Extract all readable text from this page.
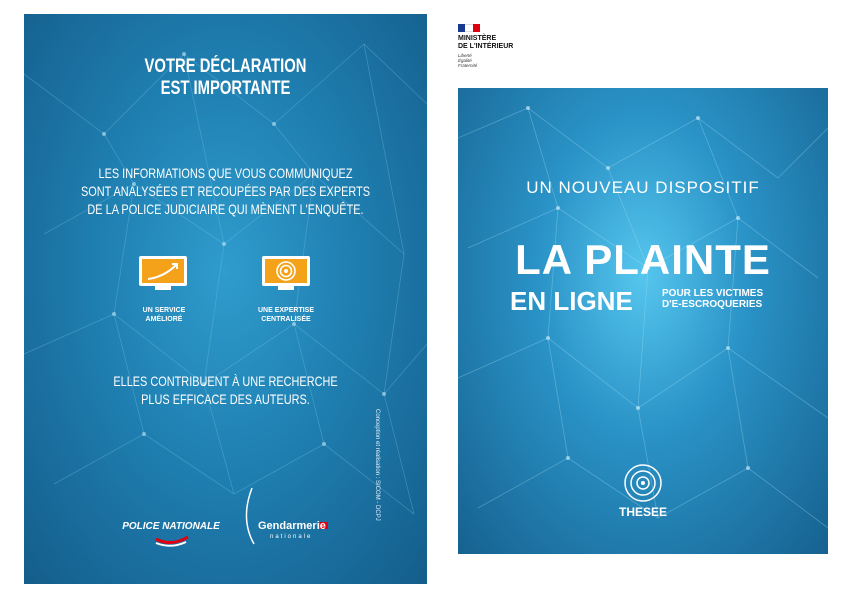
VOTRE DÉCLARATION
EST IMPORTANTE
LES INFORMATIONS QUE VOUS COMMUNIQUEZ
SONT ANALYSÉES ET RECOUPÉES PAR DES EXPERTS
DE LA POLICE JUDICIAIRE QUI MÈNENT L'ENQUÊTE.
UN SERVICE
AMÉLIORÉ
UNE EXPERTISE
CENTRALISÉE
ELLES CONTRIBUENT À UNE RECHERCHE
PLUS EFFICACE DES AUTEURS.
Conception et réalisation : SICOM - DCPJ
POLICE NATIONALE	Gendarmerie
nationale
MINISTÈRE
DE L'INTÉRIEUR
Liberté
Égalité
Fraternité
UN NOUVEAU DISPOSITIF
LA PLAINTE
EN LIGNE	POUR LES VICTIMES
D'E-ESCROQUERIES
THESEE
